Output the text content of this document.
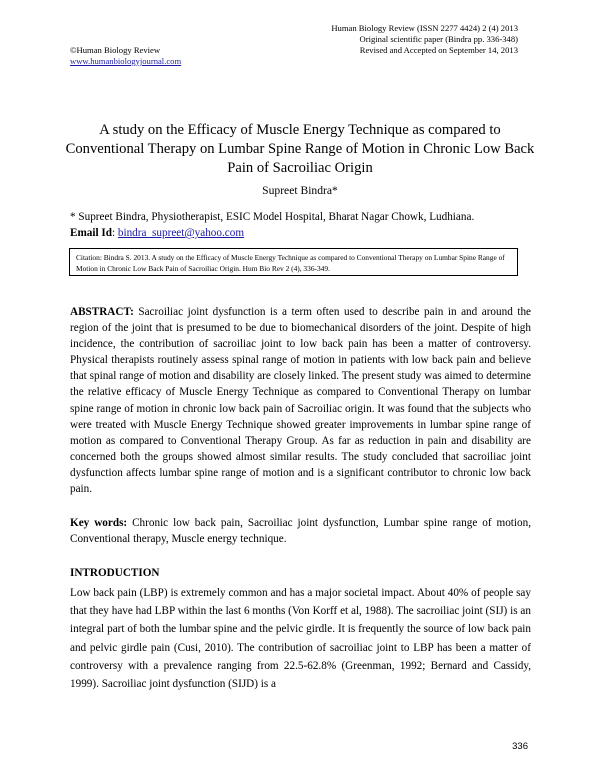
Human Biology Review (ISSN 2277 4424) 2 (4) 2013
Original scientific paper (Bindra pp. 336-348)
Revised and Accepted on September 14, 2013
©Human Biology Review
www.humanbiologyjournal.com
A study on the Efficacy of Muscle Energy Technique as compared to Conventional Therapy on Lumbar Spine Range of Motion in Chronic Low Back Pain of Sacroiliac Origin
Supreet Bindra*
* Supreet Bindra, Physiotherapist, ESIC Model Hospital, Bharat Nagar Chowk, Ludhiana.
Email Id: bindra_supreet@yahoo.com
Citation: Bindra S. 2013. A study on the Efficacy of Muscle Energy Technique as compared to Conventional Therapy on Lumbar Spine Range of Motion in Chronic Low Back Pain of Sacroiliac Origin. Hum Bio Rev 2 (4), 336-349.
ABSTRACT: Sacroiliac joint dysfunction is a term often used to describe pain in and around the region of the joint that is presumed to be due to biomechanical disorders of the joint. Despite of high incidence, the contribution of sacroiliac joint to low back pain has been a matter of controversy. Physical therapists routinely assess spinal range of motion in patients with low back pain and believe that spinal range of motion and disability are closely linked. The present study was aimed to determine the relative efficacy of Muscle Energy Technique as compared to Conventional Therapy on lumbar spine range of motion in chronic low back pain of Sacroiliac origin. It was found that the subjects who were treated with Muscle Energy Technique showed greater improvements in lumbar spine range of motion as compared to Conventional Therapy Group. As far as reduction in pain and disability are concerned both the groups showed almost similar results. The study concluded that sacroiliac joint dysfunction affects lumbar spine range of motion and is a significant contributor to chronic low back pain.
Key words: Chronic low back pain, Sacroiliac joint dysfunction, Lumbar spine range of motion, Conventional therapy, Muscle energy technique.
INTRODUCTION
Low back pain (LBP) is extremely common and has a major societal impact. About 40% of people say that they have had LBP within the last 6 months (Von Korff et al, 1988). The sacroiliac joint (SIJ) is an integral part of both the lumbar spine and the pelvic girdle. It is frequently the source of low back pain and pelvic girdle pain (Cusi, 2010). The contribution of sacroiliac joint to LBP has been a matter of controversy with a prevalence ranging from 22.5-62.8% (Greenman, 1992; Bernard and Cassidy, 1999). Sacroiliac joint dysfunction (SIJD) is a
336
